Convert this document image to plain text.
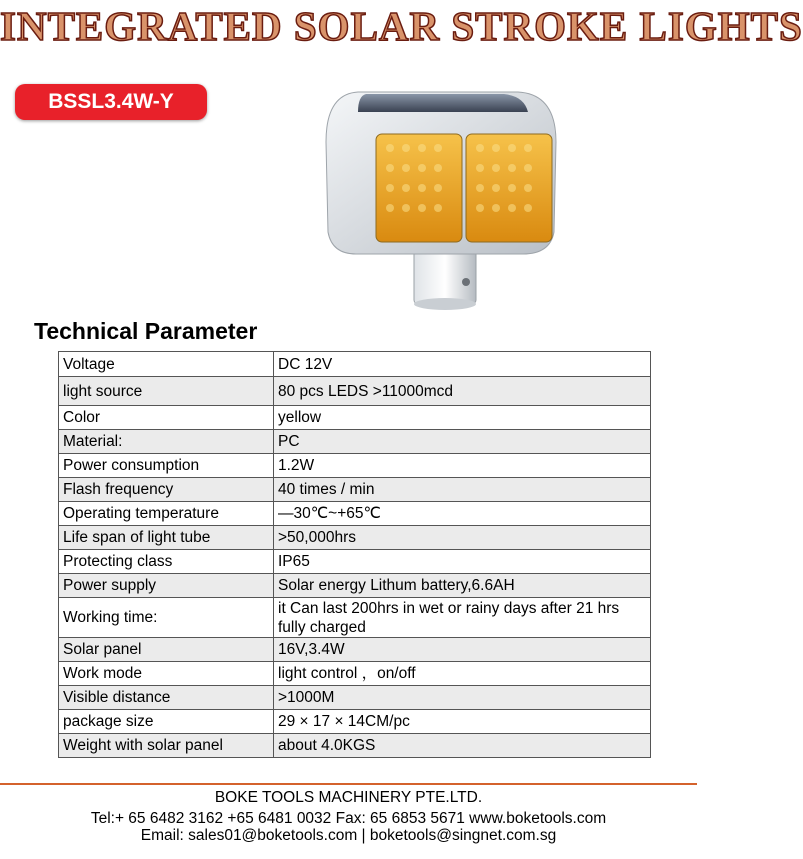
INTEGRATED SOLAR STROKE LIGHTS
BSSL3.4W-Y
Technical Parameter
Voltage	DC 12V
light source	80 pcs LEDS >11000mcd
Color	yellow
Material:	PC
Power consumption	1.2W
Flash frequency	40 times / min
Operating temperature	—30℃~+65℃
Life span of light tube	>50,000hrs
Protecting class	IP65
Power supply	Solar energy Lithum battery,6.6AH
Working time:	it Can last 200hrs in wet or rainy days after 21 hrs fully charged
Solar panel	16V,3.4W
Work mode	light control ，on/off
Visible distance	>1000M
package size	29 × 17 × 14CM/pc
Weight with solar panel	about 4.0KGS
BOKE TOOLS MACHINERY PTE.LTD.
Tel:+ 65 6482 3162 +65 6481 0032 Fax: 65 6853 5671 www.boketools.com
Email: sales01@boketools.com | boketools@singnet.com.sg
